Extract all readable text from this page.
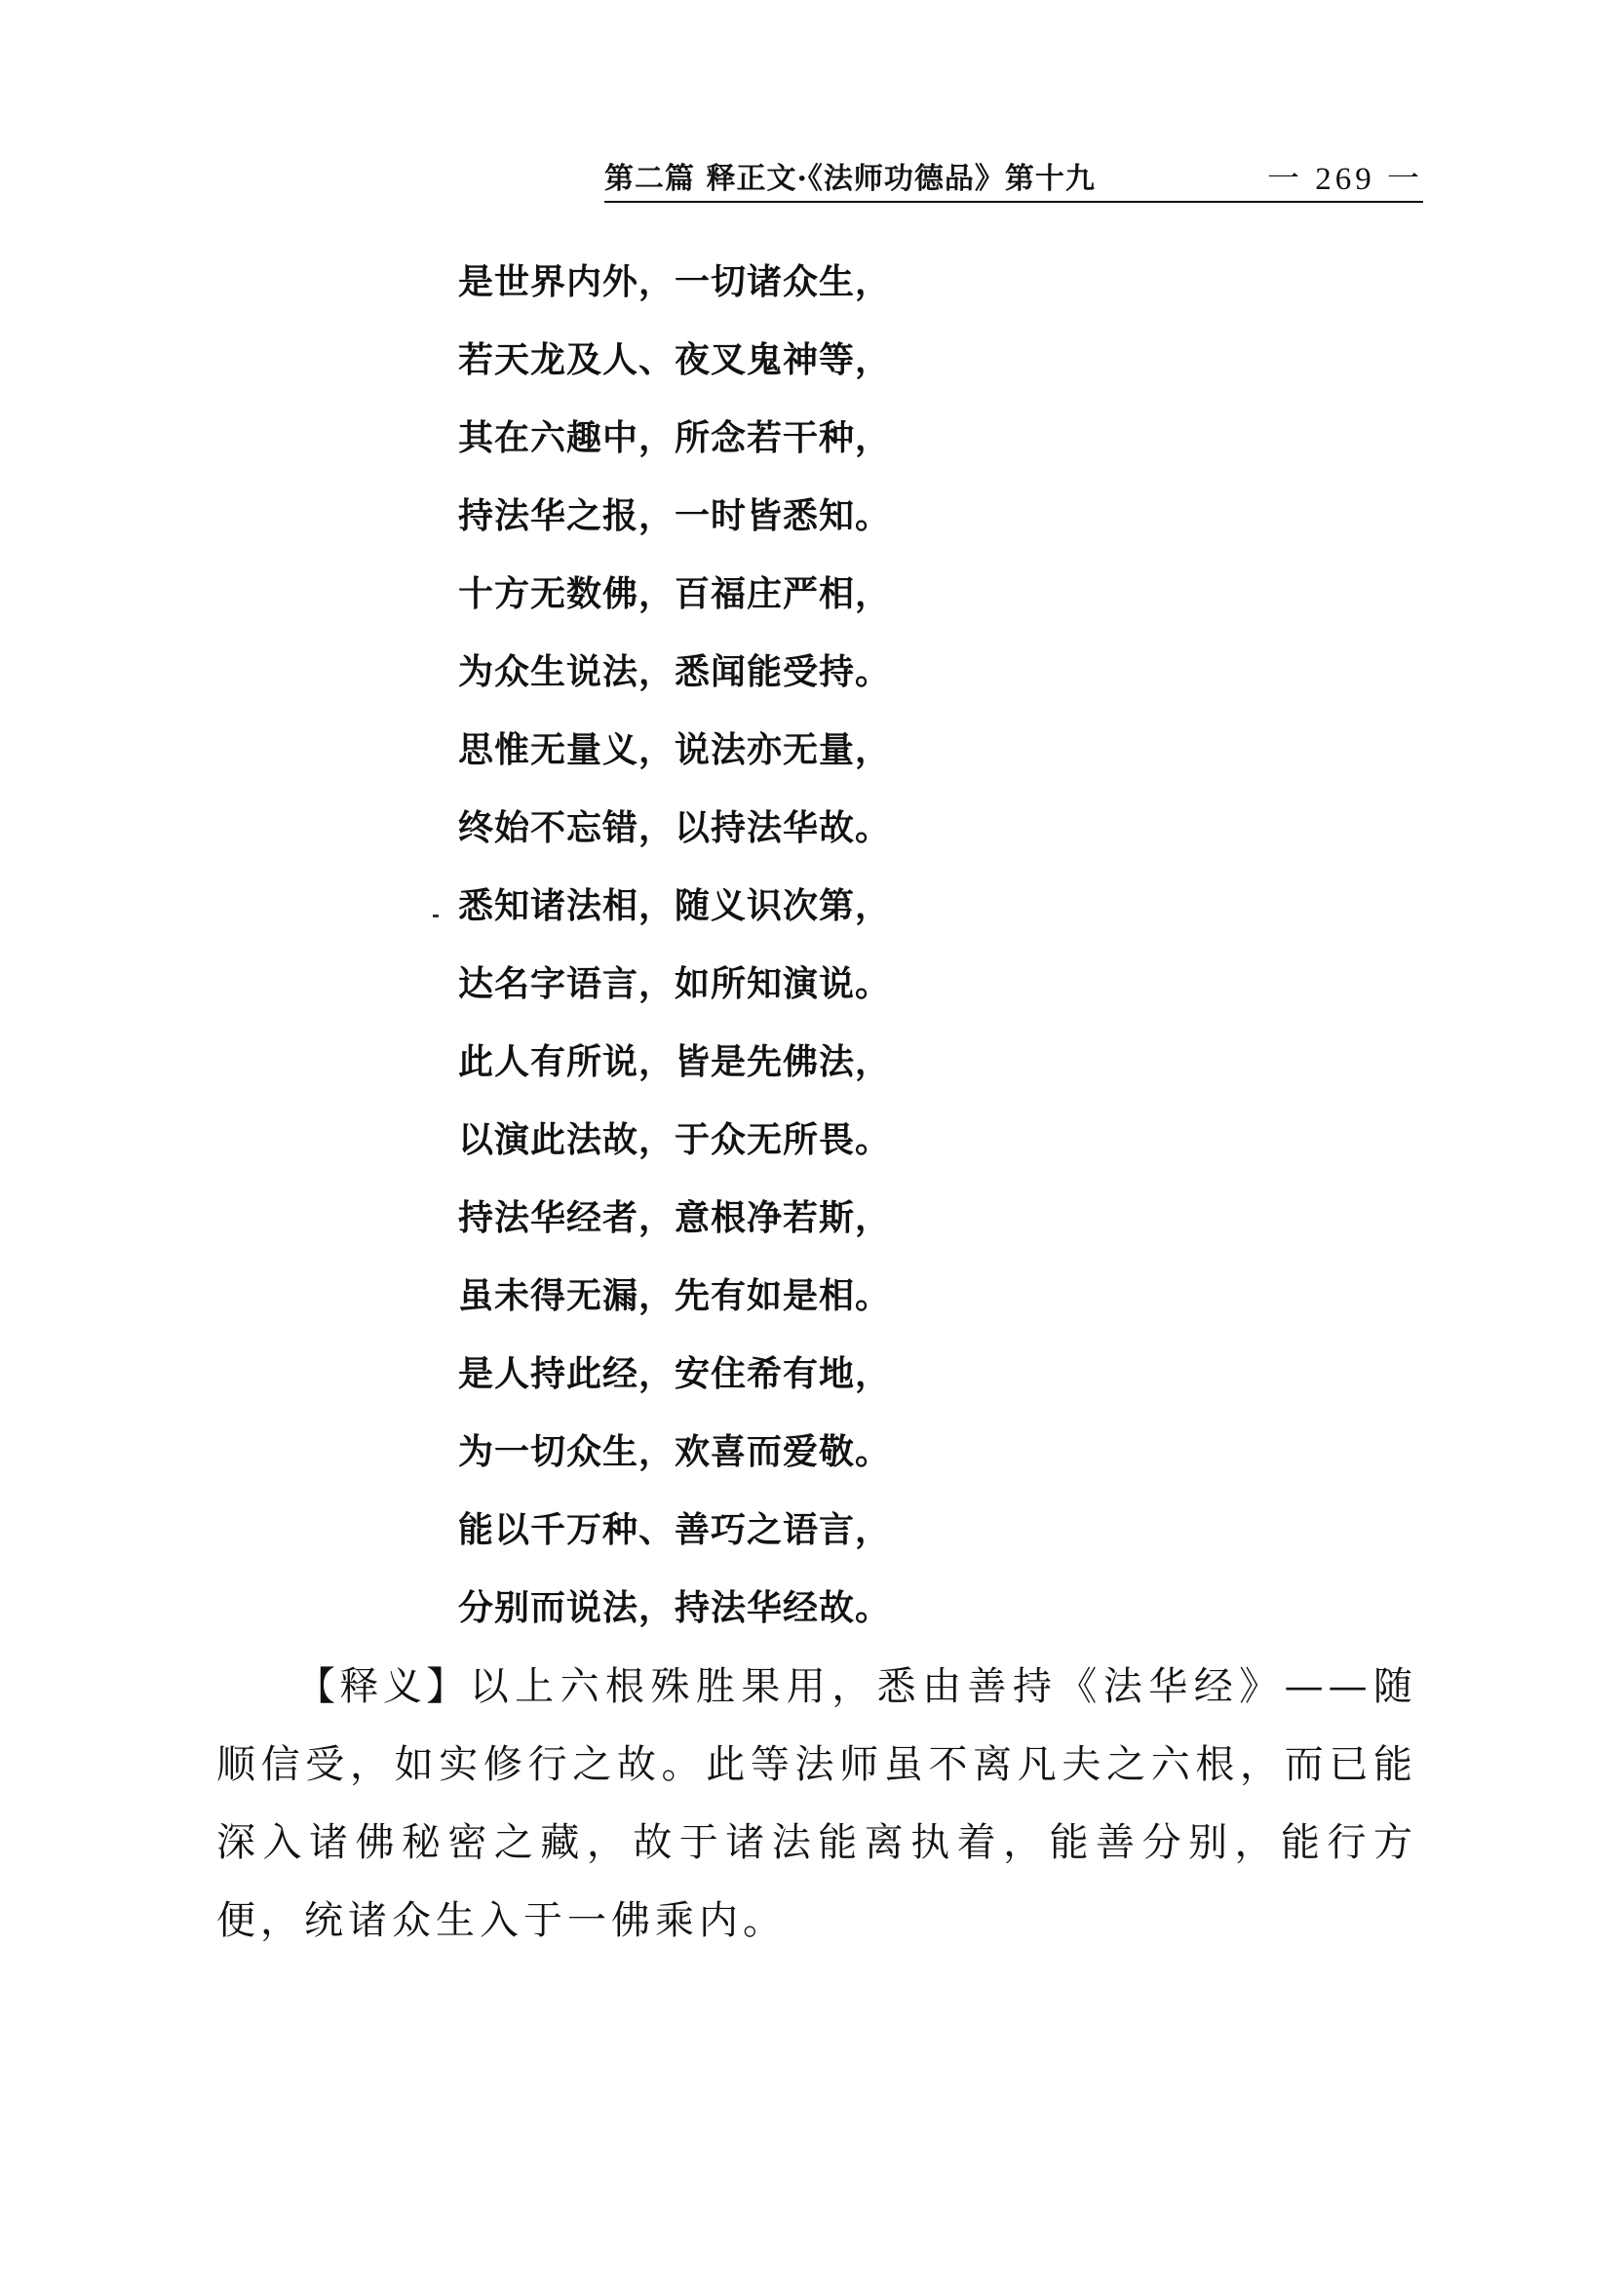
第二篇 释正文·《法师功德品》第十九	一 269 一
是世界内外，一切诸众生，
若天龙及人、夜叉鬼神等，
其在六趣中，所念若干种，
持法华之报，一时皆悉知。
十方无数佛，百福庄严相，
为众生说法，悉闻能受持。
思惟无量义，说法亦无量，
终始不忘错，以持法华故。
悉知诸法相，随义识次第，
达名字语言，如所知演说。
此人有所说，皆是先佛法，
以演此法故，于众无所畏。
持法华经者，意根净若斯，
虽未得无漏，先有如是相。
是人持此经，安住希有地，
为一切众生，欢喜而爱敬。
能以千万种、善巧之语言，
分别而说法，持法华经故。

【释义】以上六根殊胜果用，悉由善持《法华经》——随顺信受，如实修行之故。此等法师虽不离凡夫之六根，而已能深入诸佛秘密之藏，故于诸法能离执着，能善分别，能行方便，统诸众生入于一佛乘内。
